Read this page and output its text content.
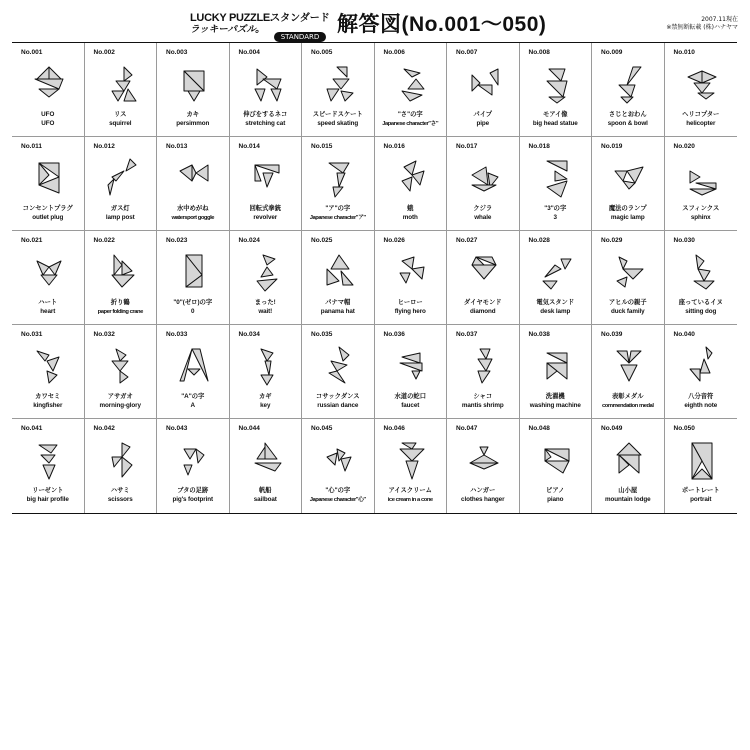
LUCKY PUZZLE.
ラッキーパズル。
スタンダード
STANDARD
解答図(No.001〜050)	2007.11現在
※禁無断転載 (株)ハナヤマ
No.001
UFO
UFO
No.002
リス
squirrel
No.003
カキ
persimmon
No.004
伸びをするネコ
stretching cat
No.005
スピードスケート
speed skating
No.006
"さ"の字
Japanese character"さ"
No.007
パイプ
pipe
No.008
モアイ像
big head statue
No.009
さじとおわん
spoon & bowl
No.010
ヘリコプター
helicopter
No.011
コンセントプラグ
outlet plug
No.012
ガス灯
lamp post
No.013
水中めがね
watersport goggle
No.014
回転式拳銃
revolver
No.015
"ア"の字
Japanese character"ア"
No.016
蛾
moth
No.017
クジラ
whale
No.018
"3"の字
3
No.019
魔法のランプ
magic lamp
No.020
スフィンクス
sphinx
No.021
ハート
heart
No.022
折り鶴
paper folding crane
No.023
"0"(ゼロ)の字
0
No.024
まった!
wait!
No.025
パナマ帽
panama hat
No.026
ヒーロー
flying hero
No.027
ダイヤモンド
diamond
No.028
電気スタンド
desk lamp
No.029
アヒルの親子
duck family
No.030
座っているイヌ
sitting dog
No.031
カワセミ
kingfisher
No.032
アサガオ
morning-glory
No.033
"A"の字
A
No.034
カギ
key
No.035
コサックダンス
russian dance
No.036
水道の蛇口
faucet
No.037
シャコ
mantis shrimp
No.038
洗濯機
washing machine
No.039
表彰メダル
commendation medal
No.040
八分音符
eighth note
No.041
リーゼント
big hair profile
No.042
ハサミ
scissors
No.043
ブタの足跡
pig's footprint
No.044
帆船
sailboat
No.045
"心"の字
Japanese character"心"
No.046
アイスクリーム
ice cream in a cone
No.047
ハンガー
clothes hanger
No.048
ピアノ
piano
No.049
山小屋
mountain lodge
No.050
ポートレート
portrait
